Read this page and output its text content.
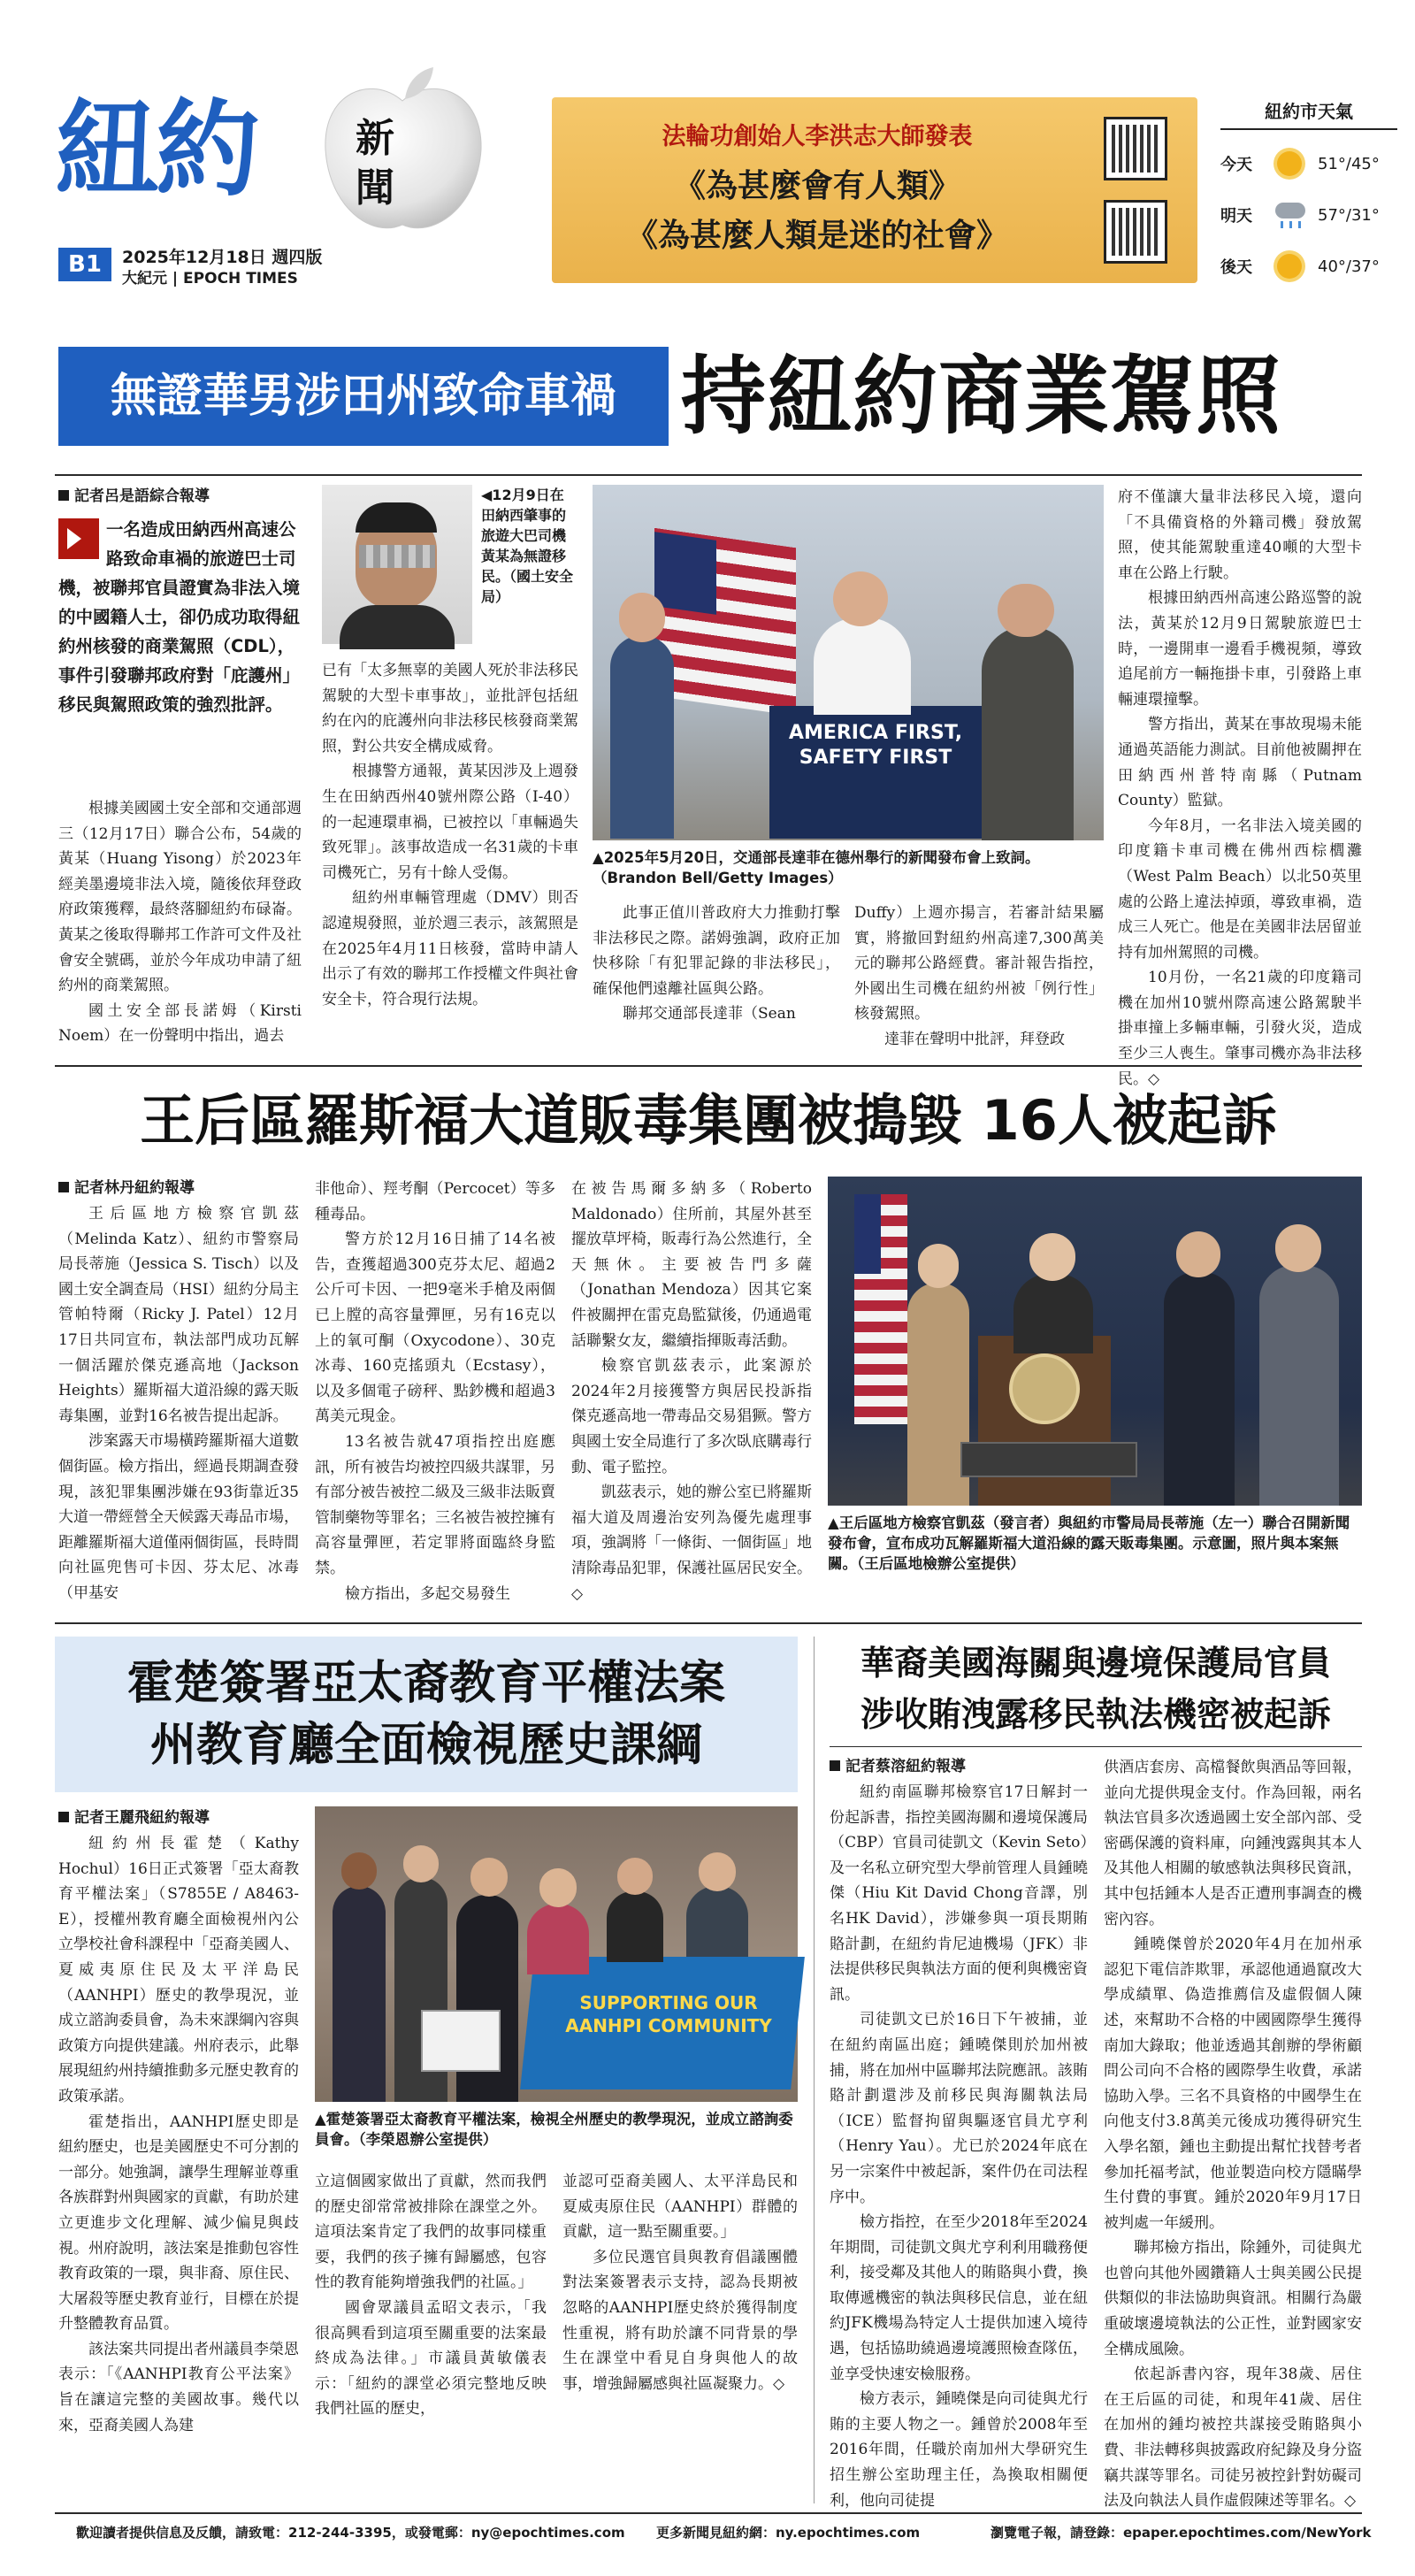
紐約	新
聞
B1	2025年12月18日 週四版
大紀元 | EPOCH TIMES
法輪功創始人李洪志大師發表
《為甚麼會有人類》
《為甚麼人類是迷的社會》
紐約市天氣
今天	51°/45°
明天	57°/31°
後天	40°/37°
無證華男涉田州致命車禍 持紐約商業駕照
記者呂是語綜合報導
一名造成田納西州高速公路致命車禍的旅遊巴士司機，被聯邦官員證實為非法入境的中國籍人士，卻仍成功取得紐約州核發的商業駕照（CDL），事件引發聯邦政府對「庇護州」移民與駕照政策的強烈批評。

根據美國國土安全部和交通部週三（12月17日）聯合公布，54歲的黃某（Huang Yisong）於2023年經美墨邊境非法入境，隨後依拜登政府政策獲釋，最終落腳紐約布碌崙。黃某之後取得聯邦工作許可文件及社會安全號碼，並於今年成功申請了紐約州的商業駕照。

國土安全部長諾姆（Kirsti Noem）在一份聲明中指出，過去

◀12月9日在田納西肇事的旅遊大巴司機黃某為無證移民。（國土安全局）

已有「太多無辜的美國人死於非法移民駕駛的大型卡車事故」，並批評包括紐約在內的庇護州向非法移民核發商業駕照，對公共安全構成威脅。

根據警方通報，黃某因涉及上週發生在田納西州40號州際公路（I-40）的一起連環車禍，已被控以「車輛過失致死罪」。該事故造成一名31歲的卡車司機死亡，另有十餘人受傷。

紐約州車輛管理處（DMV）則否認違規發照，並於週三表示，該駕照是在2025年4月11日核發，當時申請人出示了有效的聯邦工作授權文件與社會安全卡，符合現行法規。

AMERICA FIRST,
SAFETY FIRST
▲2025年5月20日，交通部長達菲在德州舉行的新聞發布會上致詞。（Brandon Bell/Getty Images）

此事正值川普政府大力推動打擊非法移民之際。諾姆強調，政府正加快移除「有犯罪記錄的非法移民」，確保他們遠離社區與公路。

聯邦交通部長達菲（Sean

Duffy）上週亦揚言，若審計結果屬實，將撤回對紐約州高達7,300萬美元的聯邦公路經費。審計報告指控，外國出生司機在紐約州被「例行性」核發駕照。

達菲在聲明中批評，拜登政

府不僅讓大量非法移民入境，還向「不具備資格的外籍司機」發放駕照，使其能駕駛重達40噸的大型卡車在公路上行駛。

根據田納西州高速公路巡警的說法，黃某於12月9日駕駛旅遊巴士時，一邊開車一邊看手機視頻，導致追尾前方一輛拖掛卡車，引發路上車輛連環撞擊。

警方指出，黃某在事故現場未能通過英語能力測試。目前他被關押在田納西州普特南縣（Putnam County）監獄。

今年8月，一名非法入境美國的印度籍卡車司機在佛州西棕櫚灘（West Palm Beach）以北50英里處的公路上違法掉頭，導致車禍，造成三人死亡。他是在美國非法居留並持有加州駕照的司機。

10月份，一名21歲的印度籍司機在加州10號州際高速公路駕駛半掛車撞上多輛車輛，引發火災，造成至少三人喪生。肇事司機亦為非法移民。◇

王后區羅斯福大道販毒集團被搗毀 16人被起訴
記者林丹紐約報導

王后區地方檢察官凱茲（Melinda Katz）、紐約市警察局局長蒂施（Jessica S. Tisch）以及國土安全調查局（HSI）紐約分局主管帕特爾（Ricky J. Patel）12月17日共同宣布，執法部門成功瓦解一個活躍於傑克遜高地（Jackson Heights）羅斯福大道沿線的露天販毒集團，並對16名被告提出起訴。

涉案露天市場橫跨羅斯福大道數個街區。檢方指出，經過長期調查發現，該犯罪集團涉嫌在93街靠近35大道一帶經營全天候露天毒品市場，距離羅斯福大道僅兩個街區，長時間向社區兜售可卡因、芬太尼、冰毒（甲基安

非他命）、羥考酮（Percocet）等多種毒品。

警方於12月16日捕了14名被告，查獲超過300克芬太尼、超過2公斤可卡因、一把9毫米手槍及兩個已上膛的高容量彈匣，另有16克以上的氧可酮（Oxycodone）、30克冰毒、160克搖頭丸（Ecstasy），以及多個電子磅秤、點鈔機和超過3萬美元現金。

13名被告就47項指控出庭應訊，所有被告均被控四級共謀罪，另有部分被告被控二級及三級非法販賣管制藥物等罪名；三名被告被控擁有高容量彈匣，若定罪將面臨終身監禁。

檢方指出，多起交易發生

在被告馬爾多納多（Roberto Maldonado）住所前，其屋外甚至擺放草坪椅，販毒行為公然進行，全天無休。主要被告門多薩（Jonathan Mendoza）因其它案件被關押在雷克島監獄後，仍通過電話聯繫女友，繼續指揮販毒活動。

檢察官凱茲表示，此案源於2024年2月接獲警方與居民投訴指傑克遜高地一帶毒品交易猖獗。警方與國土安全局進行了多次臥底購毒行動、電子監控。

凱茲表示，她的辦公室已將羅斯福大道及周邊治安列為優先處理事項，強調將「一條街、一個街區」地清除毒品犯罪，保護社區居民安全。◇

▲王后區地方檢察官凱茲（發言者）與紐約市警局局長蒂施（左一）聯合召開新聞發布會，宣布成功瓦解羅斯福大道沿線的露天販毒集團。示意圖，照片與本案無關。（王后區地檢辦公室提供）
霍楚簽署亞太裔教育平權法案
州教育廳全面檢視歷史課綱
記者王麗飛紐約報導

紐約州長霍楚（Kathy Hochul）16日正式簽署「亞太裔教育平權法案」（S7855E / A8463-E），授權州教育廳全面檢視州內公立學校社會科課程中「亞裔美國人、夏威夷原住民及太平洋島民（AANHPI）歷史的教學現況，並成立諮詢委員會，為未來課綱內容與政策方向提供建議。州府表示，此舉展現紐約州持續推動多元歷史教育的政策承諾。

霍楚指出，AANHPI歷史即是紐約歷史，也是美國歷史不可分割的一部分。她強調，讓學生理解並尊重各族群對州與國家的貢獻，有助於建立更進步文化理解、減少偏見與歧視。州府說明，該法案是推動包容性教育政策的一環，與非裔、原住民、大屠殺等歷史教育並行，目標在於提升整體教育品質。

該法案共同提出者州議員李榮恩表示：「《AANHPI教育公平法案》旨在讓這完整的美國故事。幾代以來，亞裔美國人為建

SUPPORTING OUR
AANHPI COMMUNITY
▲霍楚簽署亞太裔教育平權法案，檢視全州歷史的教學現況，並成立諮詢委員會。（李榮恩辦公室提供）

立這個國家做出了貢獻，然而我們的歷史卻常常被排除在課堂之外。這項法案肯定了我們的故事同樣重要，我們的孩子擁有歸屬感，包容性的教育能夠增強我們的社區。」

國會眾議員孟昭文表示，「我很高興看到這項至關重要的法案最終成為法律。」市議員黃敏儀表示：「紐約的課堂必須完整地反映我們社區的歷史，

並認可亞裔美國人、太平洋島民和夏威夷原住民（AANHPI）群體的貢獻，這一點至關重要。」

多位民選官員與教育倡議團體對法案簽署表示支持，認為長期被忽略的AANHPI歷史終於獲得制度性重視，將有助於讓不同背景的學生在課堂中看見自身與他人的故事，增強歸屬感與社區凝聚力。◇

華裔美國海關與邊境保護局官員
涉收賄洩露移民執法機密被起訴
記者蔡溶紐約報導

紐約南區聯邦檢察官17日解封一份起訴書，指控美國海關和邊境保護局（CBP）官員司徒凱文（Kevin Seto）及一名私立研究型大學前管理人員鍾曉傑（Hiu Kit David Chong音譯，別名HK David），涉嫌參與一項長期賄賂計劃，在紐約肯尼迪機場（JFK）非法提供移民與執法方面的便利與機密資訊。

司徒凱文已於16日下午被捕，並在紐約南區出庭；鍾曉傑則於加州被捕，將在加州中區聯邦法院應訊。該賄賂計劃還涉及前移民與海關執法局（ICE）監督拘留與驅逐官員尤亨利（Henry Yau）。尤已於2024年底在另一宗案件中被起訴，案件仍在司法程序中。

檢方指控，在至少2018年至2024年期間，司徒凱文與尤亨利利用職務便利，接受鄰及其他人的賄賂與小費，換取傳遞機密的執法與移民信息，並在紐約JFK機場為特定人士提供加速入境待遇，包括協助繞過邊境護照檢查隊伍，並享受快速安檢服務。

檢方表示，鍾曉傑是向司徒與尤行賄的主要人物之一。鍾曾於2008年至2016年間，任職於南加州大學研究生招生辦公室助理主任，為換取相關便利，他向司徒提

供酒店套房、高檔餐飲與酒品等回報，並向尤提供現金支付。作為回報，兩名執法官員多次透過國土安全部內部、受密碼保護的資料庫，向鍾洩露與其本人及其他人相關的敏感執法與移民資訊，其中包括鍾本人是否正遭刑事調查的機密內容。

鍾曉傑曾於2020年4月在加州承認犯下電信詐欺罪，承認他通過竄改大學成績單、偽造推薦信及虛假個人陳述，來幫助不合格的中國國際學生獲得南加大錄取；他並透過其創辦的學術顧問公司向不合格的國際學生收費，承諾協助入學。三名不具資格的中國學生在向他支付3.8萬美元後成功獲得研究生入學名額，鍾也主動提出幫忙找替考者參加托福考試，他並製造向校方隱瞞學生付費的事實。鍾於2020年9月17日被判處一年緩刑。

聯邦檢方指出，除鍾外，司徒與尤也曾向其他外國鑽籍人士與美國公民提供類似的非法協助與資訊。相關行為嚴重破壞邊境執法的公正性，並對國家安全構成風險。

依起訴書內容，現年38歲、居住在王后區的司徒，和現年41歲、居住在加州的鍾均被控共謀接受賄賂與小費、非法轉移與披露政府紀錄及身分盜竊共謀等罪名。司徒另被控針對妨礙司法及向執法人員作虛假陳述等罪名。◇

歡迎讀者提供信息及反饋，請致電：212-244-3395，或發電郵：ny@epochtimes.com 更多新聞見紐約網：ny.epochtimes.com	瀏覽電子報，請登錄：epaper.epochtimes.com/NewYork
